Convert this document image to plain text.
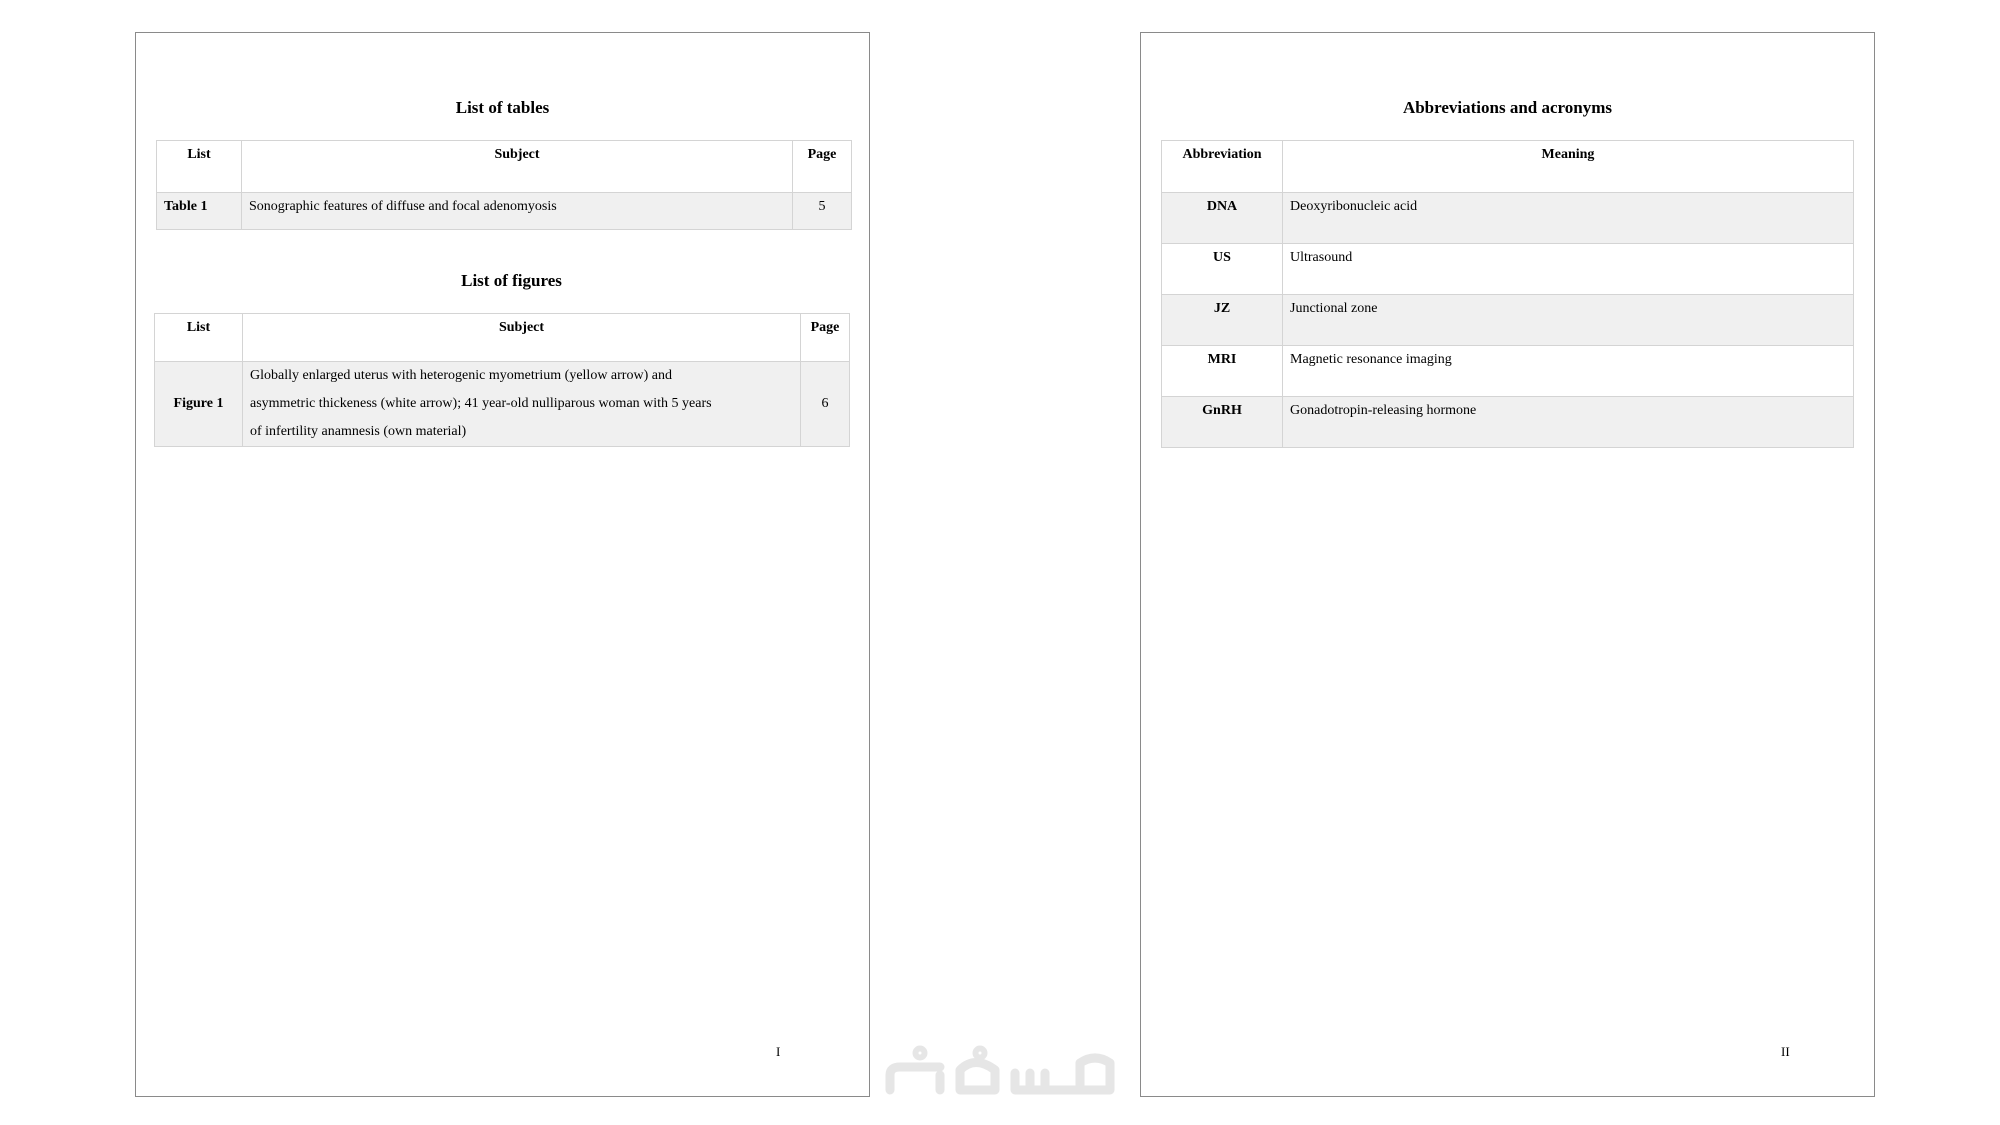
List of tables
List	Subject	Page
Table 1	Sonographic features of diffuse and focal adenomyosis	5
List of figures
List	Subject	Page
Figure 1	Globally enlarged uterus with heterogenic myometrium (yellow arrow) and
asymmetric thickeness (white arrow); 41 year-old nulliparous woman with 5 years
of infertility anamnesis (own material)	6
I
Abbreviations and acronyms
Abbreviation	Meaning
DNA	Deoxyribonucleic acid
US	Ultrasound
JZ	Junctional zone
MRI	Magnetic resonance imaging
GnRH	Gonadotropin-releasing hormone
II
